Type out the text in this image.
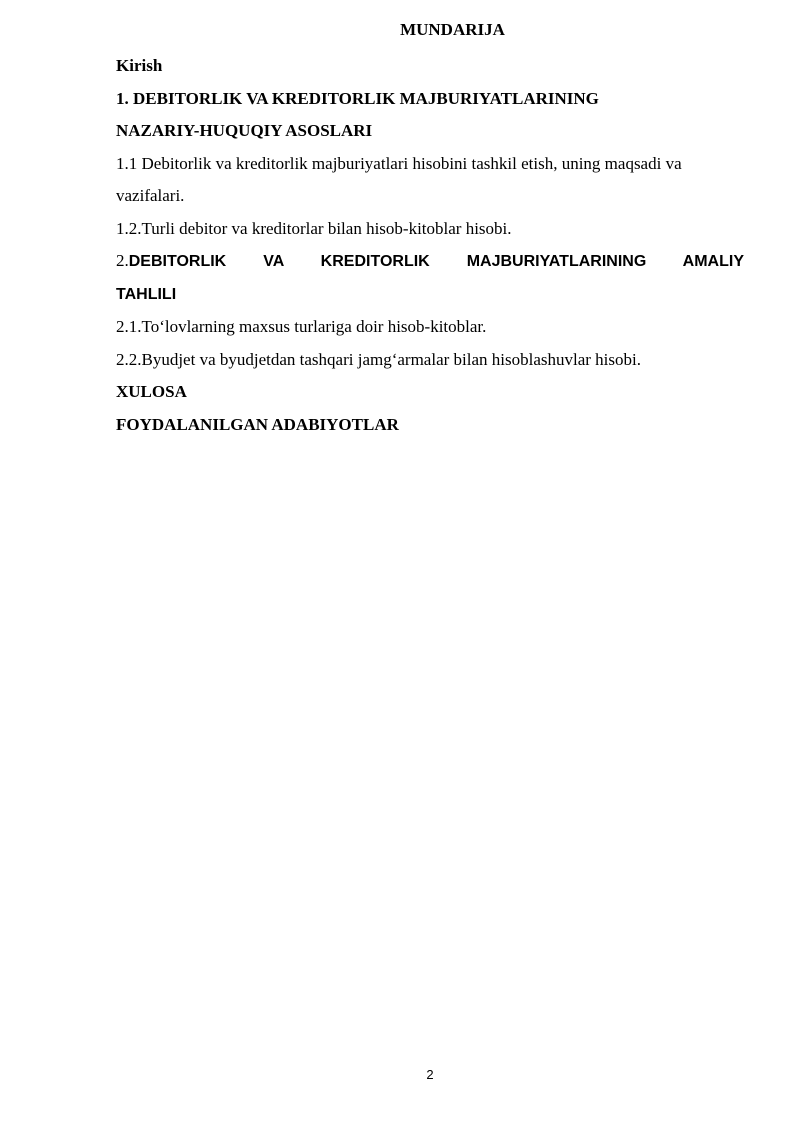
MUNDARIJA

Kirish

1. DEBITORLIK VA KREDITORLIK MAJBURIYATLARINING

NAZARIY-HUQUQIY ASOSLARI

1.1 Debitorlik va kreditorlik majburiyatlari hisobini tashkil etish, uning maqsadi va

vazifalari.

1.2.Turli debitor va kreditorlar bilan hisob-kitoblar hisobi.

2.DEBITORLIK VA KREDITORLIK MAJBURIYATLARINING AMALIY

TAHLILI

2.1.To‘lovlarning maxsus turlariga doir hisob-kitoblar.

2.2.Byudjet va byudjetdan tashqari jamg‘armalar bilan hisoblashuvlar hisobi.

XULOSA

FOYDALANILGAN ADABIYOTLAR

2
